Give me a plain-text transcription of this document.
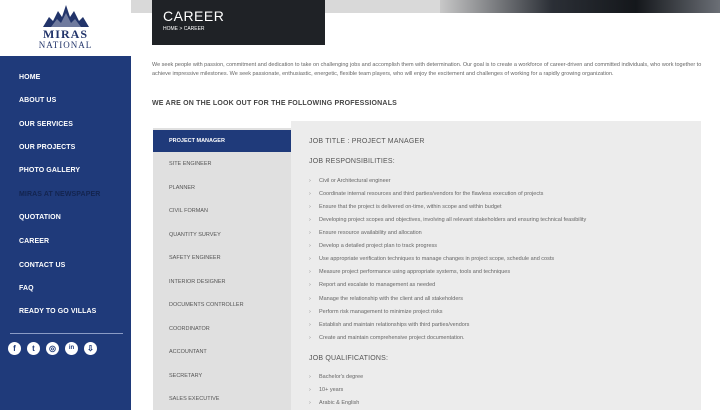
MIRAS
NATIONAL
HOME
ABOUT US
OUR SERVICES
OUR PROJECTS
PHOTO GALLERY
MIRAS AT NEWSPAPER
QUOTATION
CAREER
CONTACT US
FAQ
READY TO GO VILLAS
f	t	◎	in	⇩
CAREER
HOME > CAREER
We seek people with passion, commitment and dedication to take on challenging jobs and accomplish them with determination. Our goal is to create a workforce of career-driven and committed individuals, who work together to achieve impressive milestones. We seek passionate, enthusiastic, energetic, flexible team players, who will enjoy the excitement and challenges of working for a rapidly growing organization.
WE ARE ON THE LOOK OUT FOR THE FOLLOWING PROFESSIONALS
PROJECT MANAGER
SITE ENGINEER
PLANNER
CIVIL FORMAN
QUANTITY SURVEY
SAFETY ENGINEER
INTERIOR DESIGNER
DOCUMENTS CONTROLLER
COORDINATOR
ACCOUNTANT
SECRETARY
SALES EXECUTIVE
JOB TITLE : PROJECT MANAGER
JOB RESPONSIBILITIES:
› Civil or Architectural engineer
› Coordinate internal resources and third parties/vendors for the flawless execution of projects
› Ensure that the project is delivered on-time, within scope and within budget
› Developing project scopes and objectives, involving all relevant stakeholders and ensuring technical feasibility
› Ensure resource availability and allocation
› Develop a detailed project plan to track progress
› Use appropriate verification techniques to manage changes in project scope, schedule and costs
› Measure project performance using appropriate systems, tools and techniques
› Report and escalate to management as needed
› Manage the relationship with the client and all stakeholders
› Perform risk management to minimize project risks
› Establish and maintain relationships with third parties/vendors
› Create and maintain comprehensive project documentation.
JOB QUALIFICATIONS:
› Bachelor's degree
› 10+ years
› Arabic & English
